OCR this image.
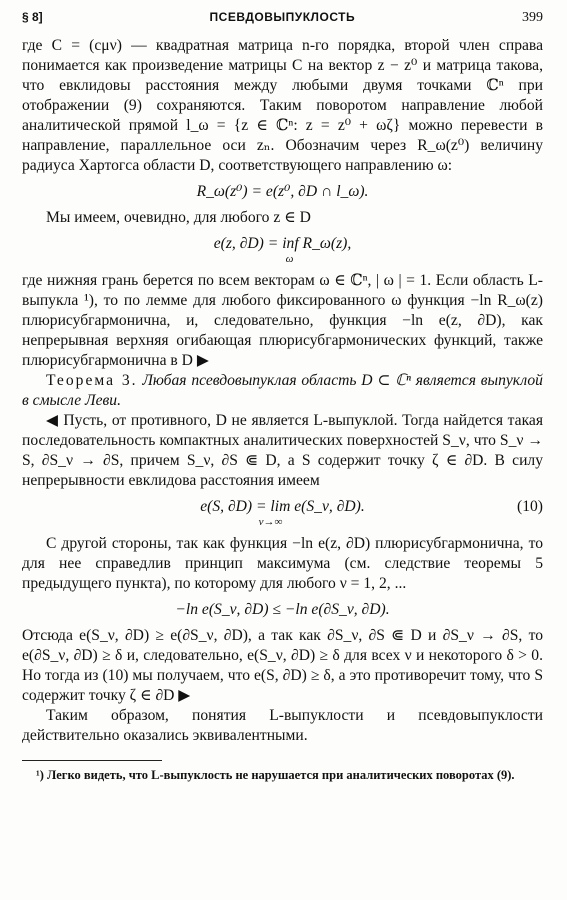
§ 8]	ПСЕВДОВЫПУКЛОСТЬ	399

где C = (cμν) — квадратная матрица n-го порядка, второй член справа понимается как произведение матрицы C на вектор z − z⁰ и матрица такова, что евклидовы расстояния между любыми двумя точками ℂⁿ при отображении (9) сохраняются. Таким поворотом направление любой аналитической прямой l_ω = {z ∈ ℂⁿ: z = z⁰ + ωζ} можно перевести в направление, параллельное оси zₙ. Обозначим через R_ω(z⁰) величину радиуса Хартогса области D, соответствующего направлению ω:

R_ω(z⁰) = e(z⁰, ∂D ∩ l_ω).

Мы имеем, очевидно, для любого z ∈ D

e(z, ∂D) = inf R_ω(z),
ω

где нижняя грань берется по всем векторам ω ∈ ℂⁿ, | ω | = 1. Если область L-выпукла ¹), то по лемме для любого фиксированного ω функция −ln R_ω(z) плюрисубгармонична, и, следовательно, функция −ln e(z, ∂D), как непрерывная верхняя огибающая плюрисубгармонических функций, также плюрисубгармонична в D ▶

Теорема 3. Любая псевдовыпуклая область D ⊂ ℂⁿ является выпуклой в смысле Леви.

◀ Пусть, от противного, D не является L-выпуклой. Тогда найдется такая последовательность компактных аналитических поверхностей S_ν, что S_ν → S, ∂S_ν → ∂S, причем S_ν, ∂S ⋐ D, а S содержит точку ζ ∈ ∂D. В силу непрерывности евклидова расстояния имеем

e(S, ∂D) = lim e(S_ν, ∂D).
ν→∞
(10)

С другой стороны, так как функция −ln e(z, ∂D) плюрисубгармонична, то для нее справедлив принцип максимума (см. следствие теоремы 5 предыдущего пункта), по которому для любого ν = 1, 2, ...

−ln e(S_ν, ∂D) ≤ −ln e(∂S_ν, ∂D).

Отсюда e(S_ν, ∂D) ≥ e(∂S_ν, ∂D), а так как ∂S_ν, ∂S ⋐ D и ∂S_ν → ∂S, то e(∂S_ν, ∂D) ≥ δ и, следовательно, e(S_ν, ∂D) ≥ δ для всех ν и некоторого δ > 0. Но тогда из (10) мы получаем, что e(S, ∂D) ≥ δ, а это противоречит тому, что S содержит точку ζ ∈ ∂D ▶

Таким образом, понятия L-выпуклости и псевдовыпуклости действительно оказались эквивалентными.

¹) Легко видеть, что L-выпуклость не нарушается при аналитических поворотах (9).
